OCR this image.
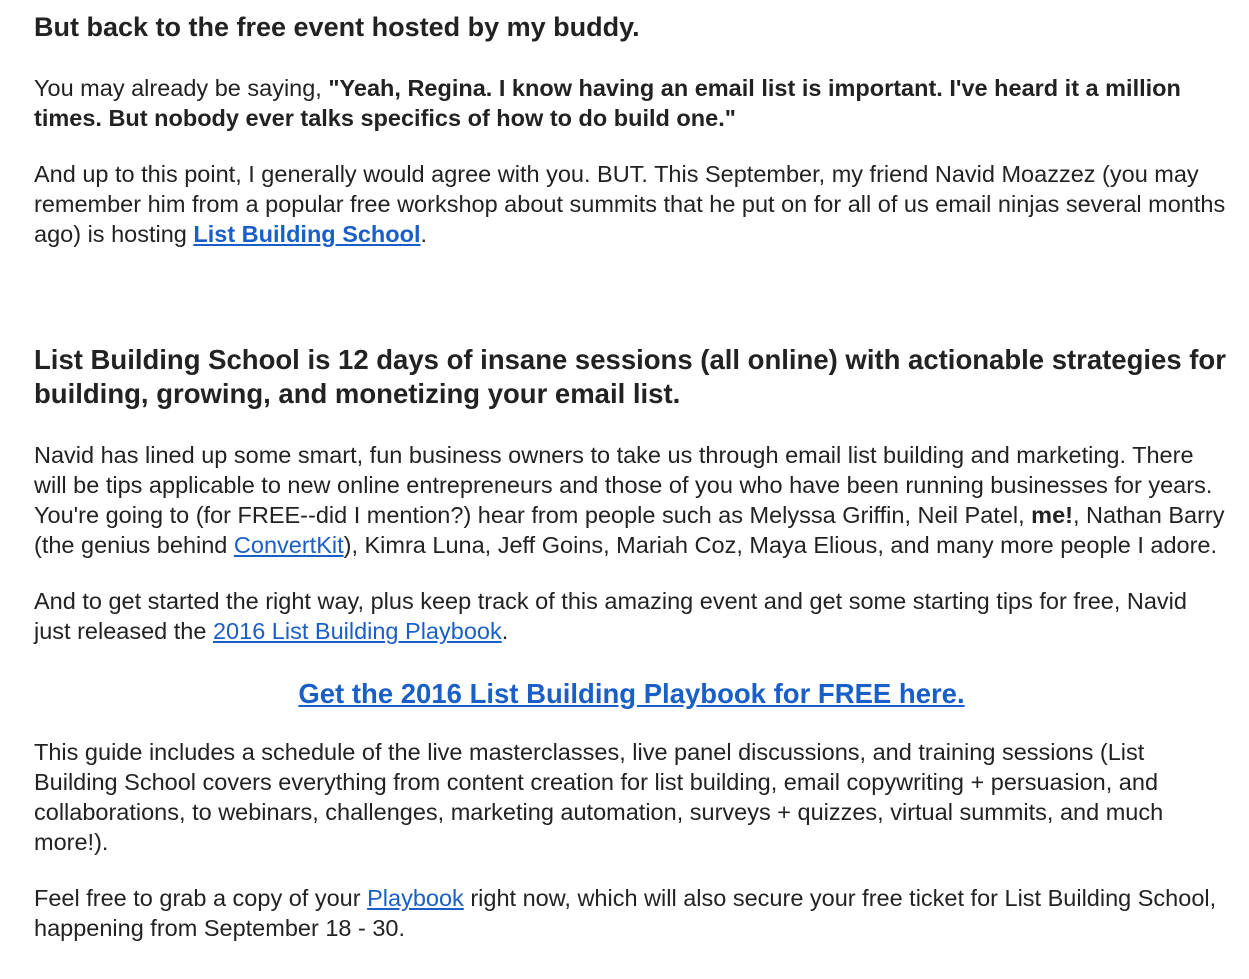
But back to the free event hosted by my buddy.

You may already be saying, "Yeah, Regina. I know having an email list is important. I've heard it a million times. But nobody ever talks specifics of how to do build one."

And up to this point, I generally would agree with you. BUT. This September, my friend Navid Moazzez (you may remember him from a popular free workshop about summits that he put on for all of us email ninjas several months ago) is hosting List Building School.

List Building School is 12 days of insane sessions (all online) with actionable strategies for building, growing, and monetizing your email list.

Navid has lined up some smart, fun business owners to take us through email list building and marketing. There will be tips applicable to new online entrepreneurs and those of you who have been running businesses for years. You're going to (for FREE--did I mention?) hear from people such as Melyssa Griffin, Neil Patel, me!, Nathan Barry (the genius behind ConvertKit), Kimra Luna, Jeff Goins, Mariah Coz, Maya Elious, and many more people I adore.

And to get started the right way, plus keep track of this amazing event and get some starting tips for free, Navid just released the 2016 List Building Playbook.

Get the 2016 List Building Playbook for FREE here.

This guide includes a schedule of the live masterclasses, live panel discussions, and training sessions (List Building School covers everything from content creation for list building, email copywriting + persuasion, and collaborations, to webinars, challenges, marketing automation, surveys + quizzes, virtual summits, and much more!).

Feel free to grab a copy of your Playbook right now, which will also secure your free ticket for List Building School, happening from September 18 - 30.
